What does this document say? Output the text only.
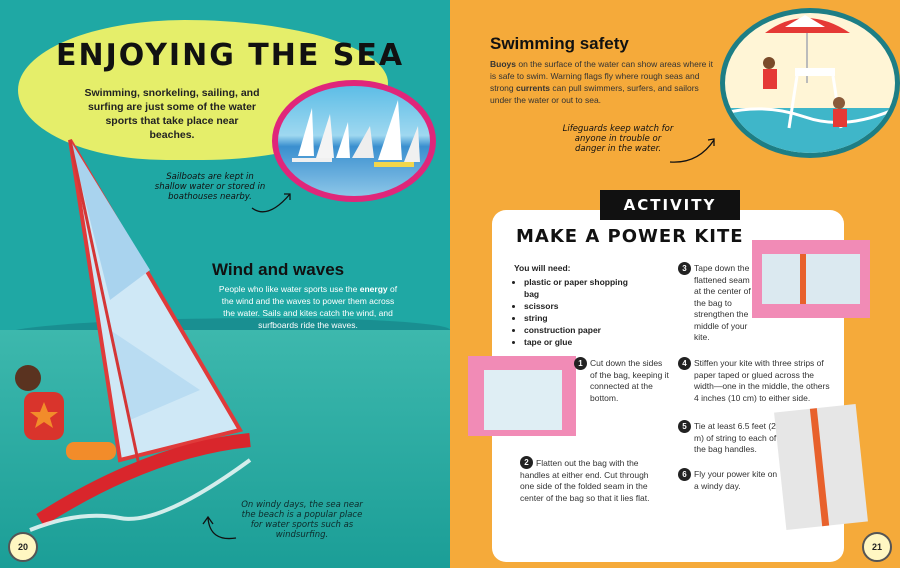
ENJOYING THE SEA

Swimming, snorkeling, sailing, and surfing are just some of the water sports that take place near beaches.

Sailboats are kept in shallow water or stored in boathouses nearby.

Wind and waves

People who like water sports use the energy of the wind and the waves to power them across the water. Sails and kites catch the wind, and surfboards ride the waves.

On windy days, the sea near the beach is a popular place for water sports such as windsurfing.

20
Swimming safety

Buoys on the surface of the water can show areas where it is safe to swim. Warning flags fly where rough seas and strong currents can pull swimmers, surfers, and sailors under the water or out to sea.

Lifeguards keep watch for anyone in trouble or danger in the water.

ACTIVITY
MAKE A POWER KITE
You will need:
• plastic or paper shopping bag
• scissors
• string
• construction paper
• tape or glue
1 Cut down the sides of the bag, keeping it connected at the bottom.
2 Flatten out the bag with the handles at either end. Cut through one side of the folded seam in the center of the bag so that it lies flat.
3 Tape down the flattened seam at the center of the bag to strengthen the middle of your kite.
4 Stiffen your kite with three strips of paper taped or glued across the width—one in the middle, the others 4 inches (10 cm) to either side.
5 Tie at least 6.5 feet (2 m) of string to each of the bag handles.
6 Fly your power kite on a windy day.
21
